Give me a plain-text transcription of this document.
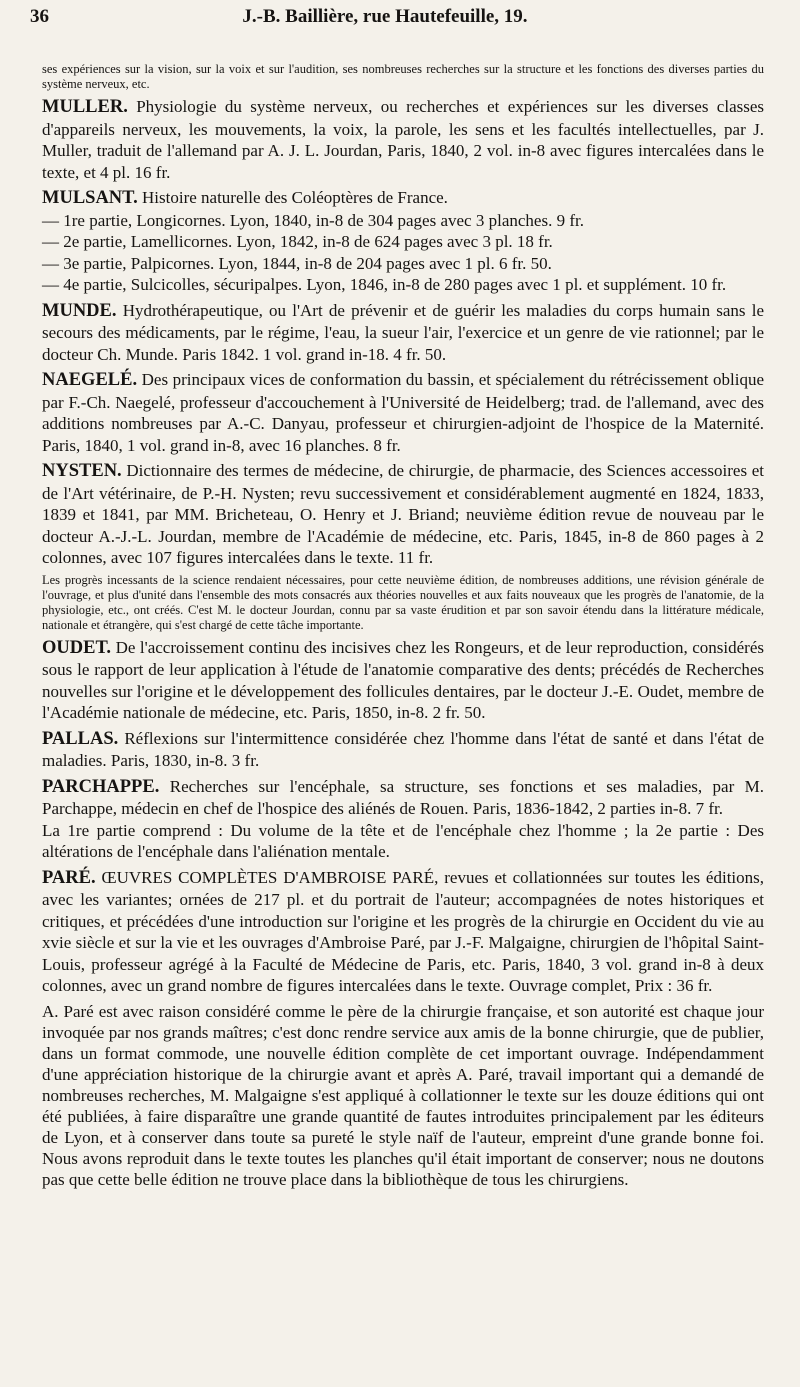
36	J.-B. Baillière, rue Hautefeuille, 19.

ses expériences sur la vision, sur la voix et sur l'audition, ses nombreuses recherches sur la structure et les fonctions des diverses parties du système nerveux, etc.

MULLER. Physiologie du système nerveux, ou recherches et expériences sur les diverses classes d'appareils nerveux, les mouvements, la voix, la parole, les sens et les facultés intellectuelles, par J. Muller, traduit de l'allemand par A. J. L. Jourdan, Paris, 1840, 2 vol. in-8 avec figures intercalées dans le texte, et 4 pl. 16 fr.

MULSANT. Histoire naturelle des Coléoptères de France.
— 1re partie, Longicornes. Lyon, 1840, in-8 de 304 pages avec 3 planches. 9 fr.
— 2e partie, Lamellicornes. Lyon, 1842, in-8 de 624 pages avec 3 pl. 18 fr.
— 3e partie, Palpicornes. Lyon, 1844, in-8 de 204 pages avec 1 pl. 6 fr. 50.
— 4e partie, Sulcicolles, sécuripalpes. Lyon, 1846, in-8 de 280 pages avec 1 pl. et supplément. 10 fr.

MUNDE. Hydrothérapeutique, ou l'Art de prévenir et de guérir les maladies du corps humain sans le secours des médicaments, par le régime, l'eau, la sueur l'air, l'exercice et un genre de vie rationnel; par le docteur Ch. Munde. Paris 1842. 1 vol. grand in-18. 4 fr. 50.

NAEGELÉ. Des principaux vices de conformation du bassin, et spécialement du rétrécissement oblique par F.-Ch. Naegelé, professeur d'accouchement à l'Université de Heidelberg; trad. de l'allemand, avec des additions nombreuses par A.-C. Danyau, professeur et chirurgien-adjoint de l'hospice de la Maternité. Paris, 1840, 1 vol. grand in-8, avec 16 planches. 8 fr.

NYSTEN. Dictionnaire des termes de médecine, de chirurgie, de pharmacie, des Sciences accessoires et de l'Art vétérinaire, de P.-H. Nysten; revu successivement et considérablement augmenté en 1824, 1833, 1839 et 1841, par MM. Bricheteau, O. Henry et J. Briand; neuvième édition revue de nouveau par le docteur A.-J.-L. Jourdan, membre de l'Académie de médecine, etc. Paris, 1845, in-8 de 860 pages à 2 colonnes, avec 107 figures intercalées dans le texte. 11 fr.

Les progrès incessants de la science rendaient nécessaires, pour cette neuvième édition, de nombreuses additions, une révision générale de l'ouvrage, et plus d'unité dans l'ensemble des mots consacrés aux théories nouvelles et aux faits nouveaux que les progrès de l'anatomie, de la physiologie, etc., ont créés. C'est M. le docteur Jourdan, connu par sa vaste érudition et par son savoir étendu dans la littérature médicale, nationale et étrangère, qui s'est chargé de cette tâche importante.

OUDET. De l'accroissement continu des incisives chez les Rongeurs, et de leur reproduction, considérés sous le rapport de leur application à l'étude de l'anatomie comparative des dents; précédés de Recherches nouvelles sur l'origine et le développement des follicules dentaires, par le docteur J.-E. Oudet, membre de l'Académie nationale de médecine, etc. Paris, 1850, in-8. 2 fr. 50.

PALLAS. Réflexions sur l'intermittence considérée chez l'homme dans l'état de santé et dans l'état de maladies. Paris, 1830, in-8. 3 fr.

PARCHAPPE. Recherches sur l'encéphale, sa structure, ses fonctions et ses maladies, par M. Parchappe, médecin en chef de l'hospice des aliénés de Rouen. Paris, 1836-1842, 2 parties in-8. 7 fr.
La 1re partie comprend : Du volume de la tête et de l'encéphale chez l'homme ; la 2e partie : Des altérations de l'encéphale dans l'aliénation mentale.

PARÉ. ŒUVRES COMPLÈTES D'AMBROISE PARÉ, revues et collationnées sur toutes les éditions, avec les variantes; ornées de 217 pl. et du portrait de l'auteur; accompagnées de notes historiques et critiques, et précédées d'une introduction sur l'origine et les progrès de la chirurgie en Occident du vie au xvie siècle et sur la vie et les ouvrages d'Ambroise Paré, par J.-F. Malgaigne, chirurgien de l'hôpital Saint-Louis, professeur agrégé à la Faculté de Médecine de Paris, etc. Paris, 1840, 3 vol. grand in-8 à deux colonnes, avec un grand nombre de figures intercalées dans le texte. Ouvrage complet, Prix : 36 fr.

A. Paré est avec raison considéré comme le père de la chirurgie française, et son autorité est chaque jour invoquée par nos grands maîtres; c'est donc rendre service aux amis de la bonne chirurgie, que de publier, dans un format commode, une nouvelle édition complète de cet important ouvrage. Indépendamment d'une appréciation historique de la chirurgie avant et après A. Paré, travail important qui a demandé de nombreuses recherches, M. Malgaigne s'est appliqué à collationner le texte sur les douze éditions qui ont été publiées, à faire disparaître une grande quantité de fautes introduites principalement par les éditeurs de Lyon, et à conserver dans toute sa pureté le style naïf de l'auteur, empreint d'une grande bonne foi. Nous avons reproduit dans le texte toutes les planches qu'il était important de conserver; nous ne doutons pas que cette belle édition ne trouve place dans la bibliothèque de tous les chirurgiens.
